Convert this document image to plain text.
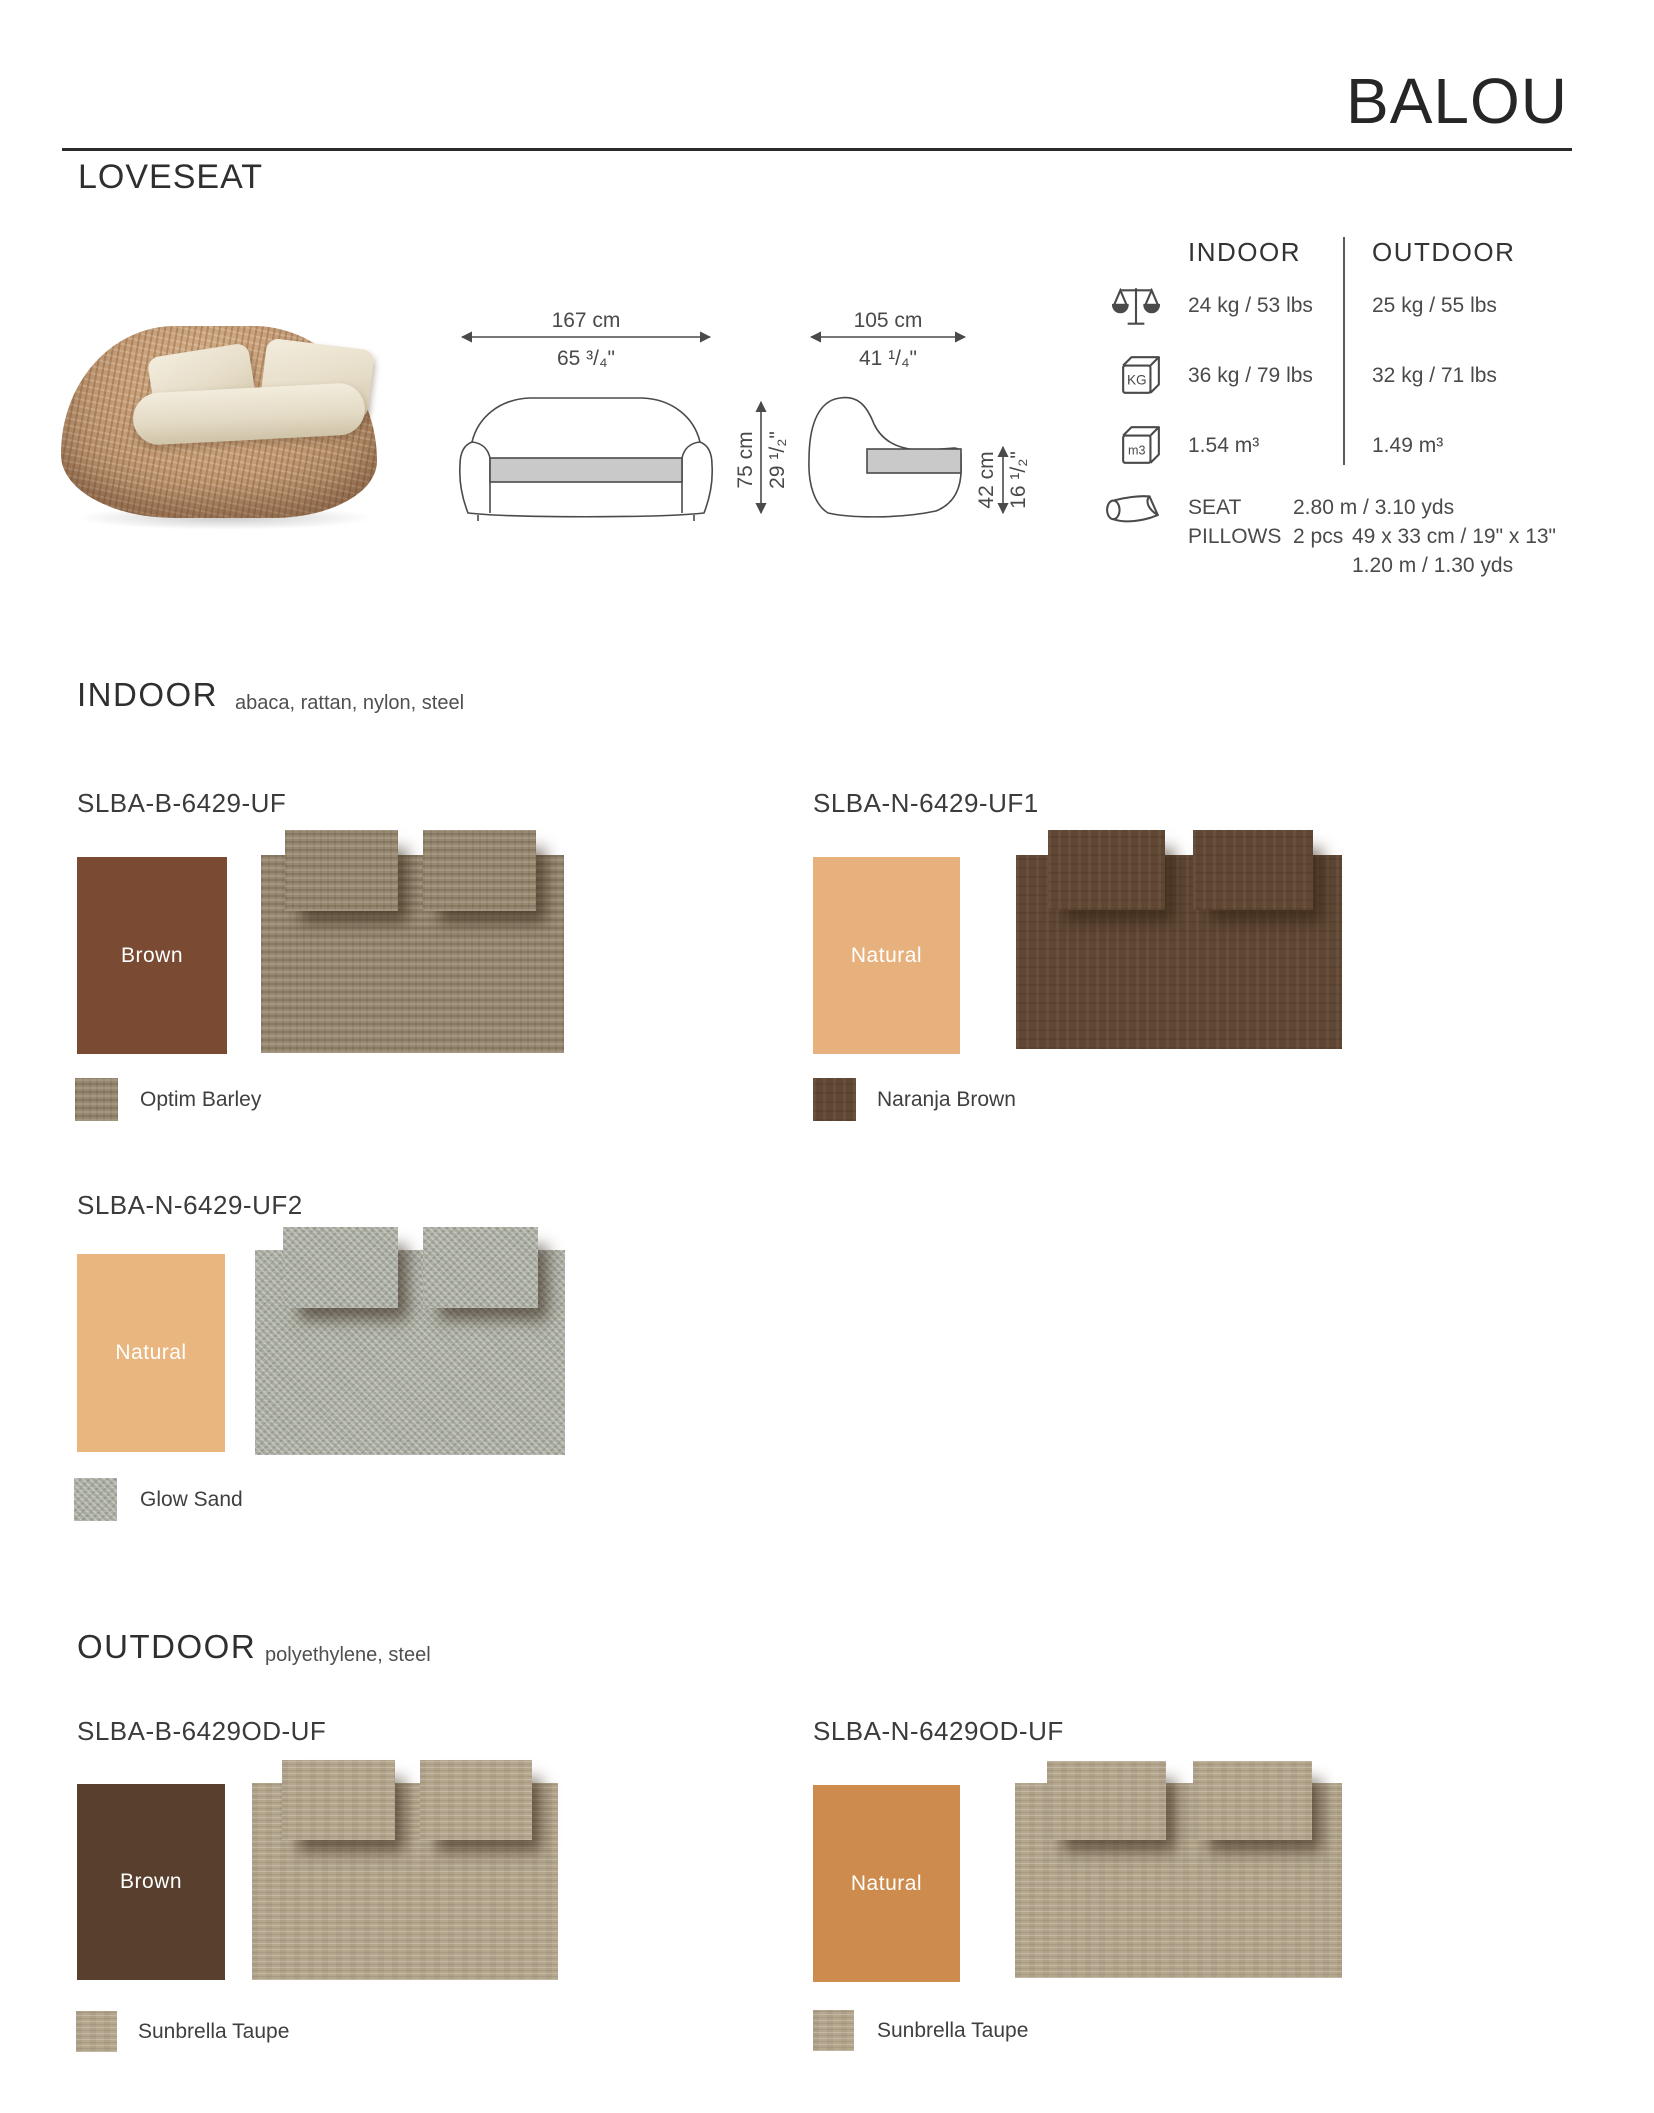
BALOU
LOVESEAT
167 cm
65 ³/₄"
75 cm 29 ¹/₂"
105 cm
41 ¹/₄"
42 cm 16 ¹/₂"
INDOOR	OUTDOOR
24 kg / 53 lbs	25 kg / 55 lbs
KG 36 kg / 79 lbs	32 kg / 71 lbs
m3 1.54 m³	1.49 m³
SEAT 2.80 m / 3.10 yds
PILLOWS 2 pcs 49 x 33 cm / 19" x 13"
1.20 m / 1.30 yds
INDOOR abaca, rattan, nylon, steel
SLBA-B-6429-UF
Brown
Optim Barley
SLBA-N-6429-UF1
Natural
Naranja Brown
SLBA-N-6429-UF2
Natural
Glow Sand
OUTDOOR polyethylene, steel
SLBA-B-6429OD-UF
Brown
Sunbrella Taupe
SLBA-N-6429OD-UF
Natural
Sunbrella Taupe
